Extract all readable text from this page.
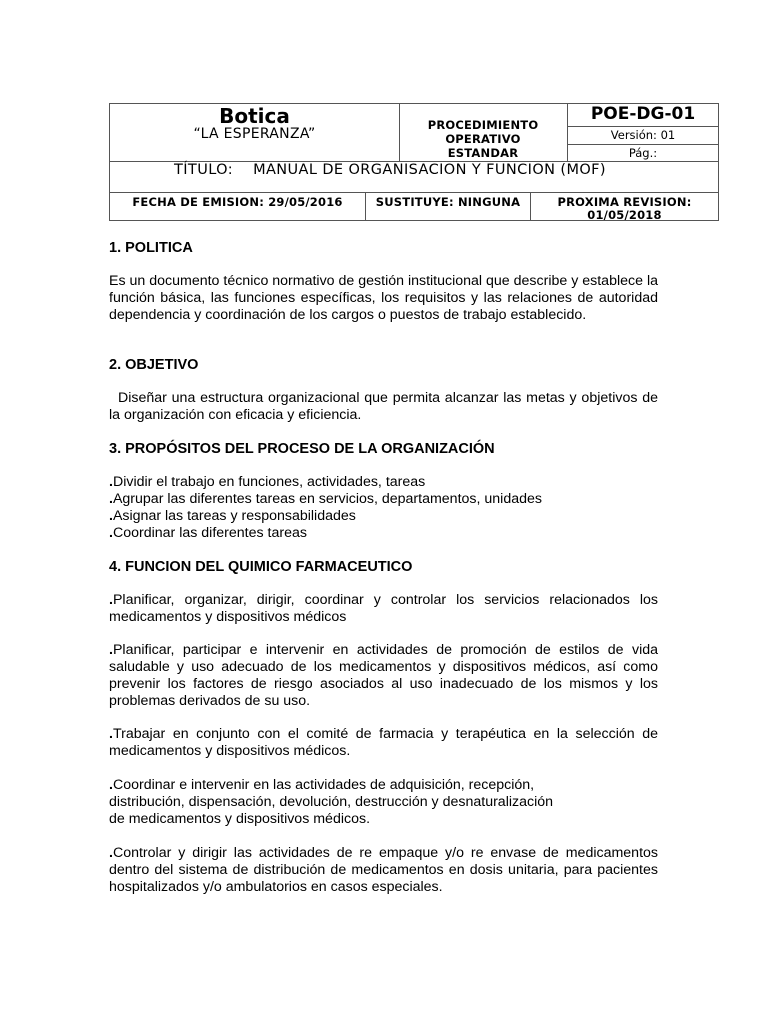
Botica
“LA ESPERANZA”
PROCEDIMIENTO
OPERATIVO
ESTANDAR
POE-DG-01
Versión: 01
Pág.:
TÍTULO: MANUAL DE ORGANISACION Y FUNCION (MOF)
FECHA DE EMISION: 29/05/2016	SUSTITUYE: NINGUNA	PROXIMA REVISION:
01/05/2018
1. POLITICA
Es un documento técnico normativo de gestión institucional que describe y establece la función básica, las funciones específicas, los requisitos y las relaciones de autoridad dependencia y coordinación de los cargos o puestos de trabajo establecido.
2. OBJETIVO
Diseñar una estructura organizacional que permita alcanzar las metas y objetivos de la organización con eficacia y eficiencia.
3. PROPÓSITOS DEL PROCESO DE LA ORGANIZACIÓN
.Dividir el trabajo en funciones, actividades, tareas
.Agrupar las diferentes tareas en servicios, departamentos, unidades
.Asignar las tareas y responsabilidades
.Coordinar las diferentes tareas
4. FUNCION DEL QUIMICO FARMACEUTICO
.Planificar, organizar, dirigir, coordinar y controlar los servicios relacionados los medicamentos y dispositivos médicos
.Planificar, participar e intervenir en actividades de promoción de estilos de vida saludable y uso adecuado de los medicamentos y dispositivos médicos, así como prevenir los factores de riesgo asociados al uso inadecuado de los mismos y los problemas derivados de su uso.
.Trabajar en conjunto con el comité de farmacia y terapéutica en la selección de medicamentos y dispositivos médicos.
.Coordinar e intervenir en las actividades de adquisición, recepción,
distribución, dispensación, devolución, destrucción y desnaturalización
de medicamentos y dispositivos médicos.
.Controlar y dirigir las actividades de re empaque y/o re envase de medicamentos dentro del sistema de distribución de medicamentos en dosis unitaria, para pacientes hospitalizados y/o ambulatorios en casos especiales.
